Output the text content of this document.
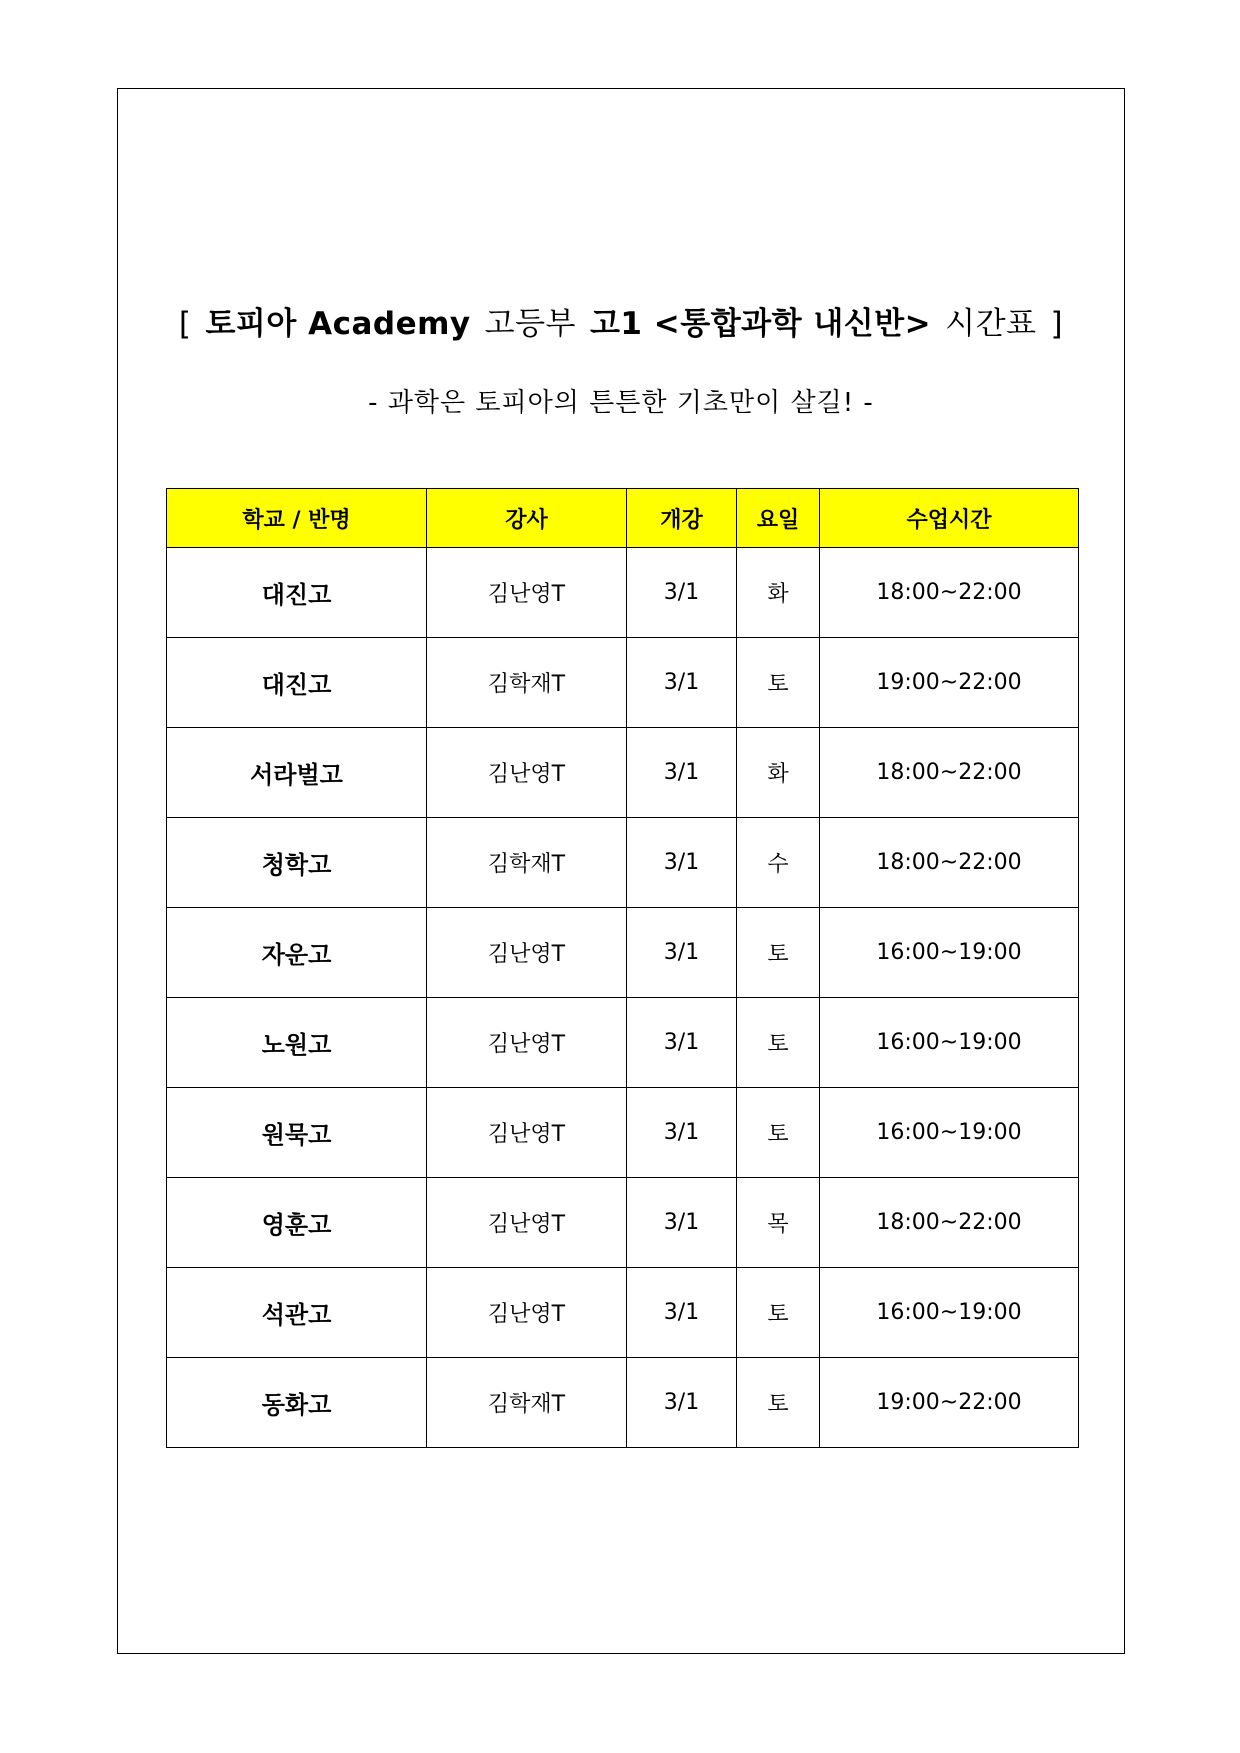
[ 토피아 Academy 고등부 고1 <통합과학 내신반> 시간표 ]
- 과학은 토피아의 튼튼한 기초만이 살길! -
학교 / 반명	강사	개강	요일	수업시간
대진고	김난영T	3/1	화	18:00~22:00
대진고	김학재T	3/1	토	19:00~22:00
서라벌고	김난영T	3/1	화	18:00~22:00
청학고	김학재T	3/1	수	18:00~22:00
자운고	김난영T	3/1	토	16:00~19:00
노원고	김난영T	3/1	토	16:00~19:00
원묵고	김난영T	3/1	토	16:00~19:00
영훈고	김난영T	3/1	목	18:00~22:00
석관고	김난영T	3/1	토	16:00~19:00
동화고	김학재T	3/1	토	19:00~22:00
